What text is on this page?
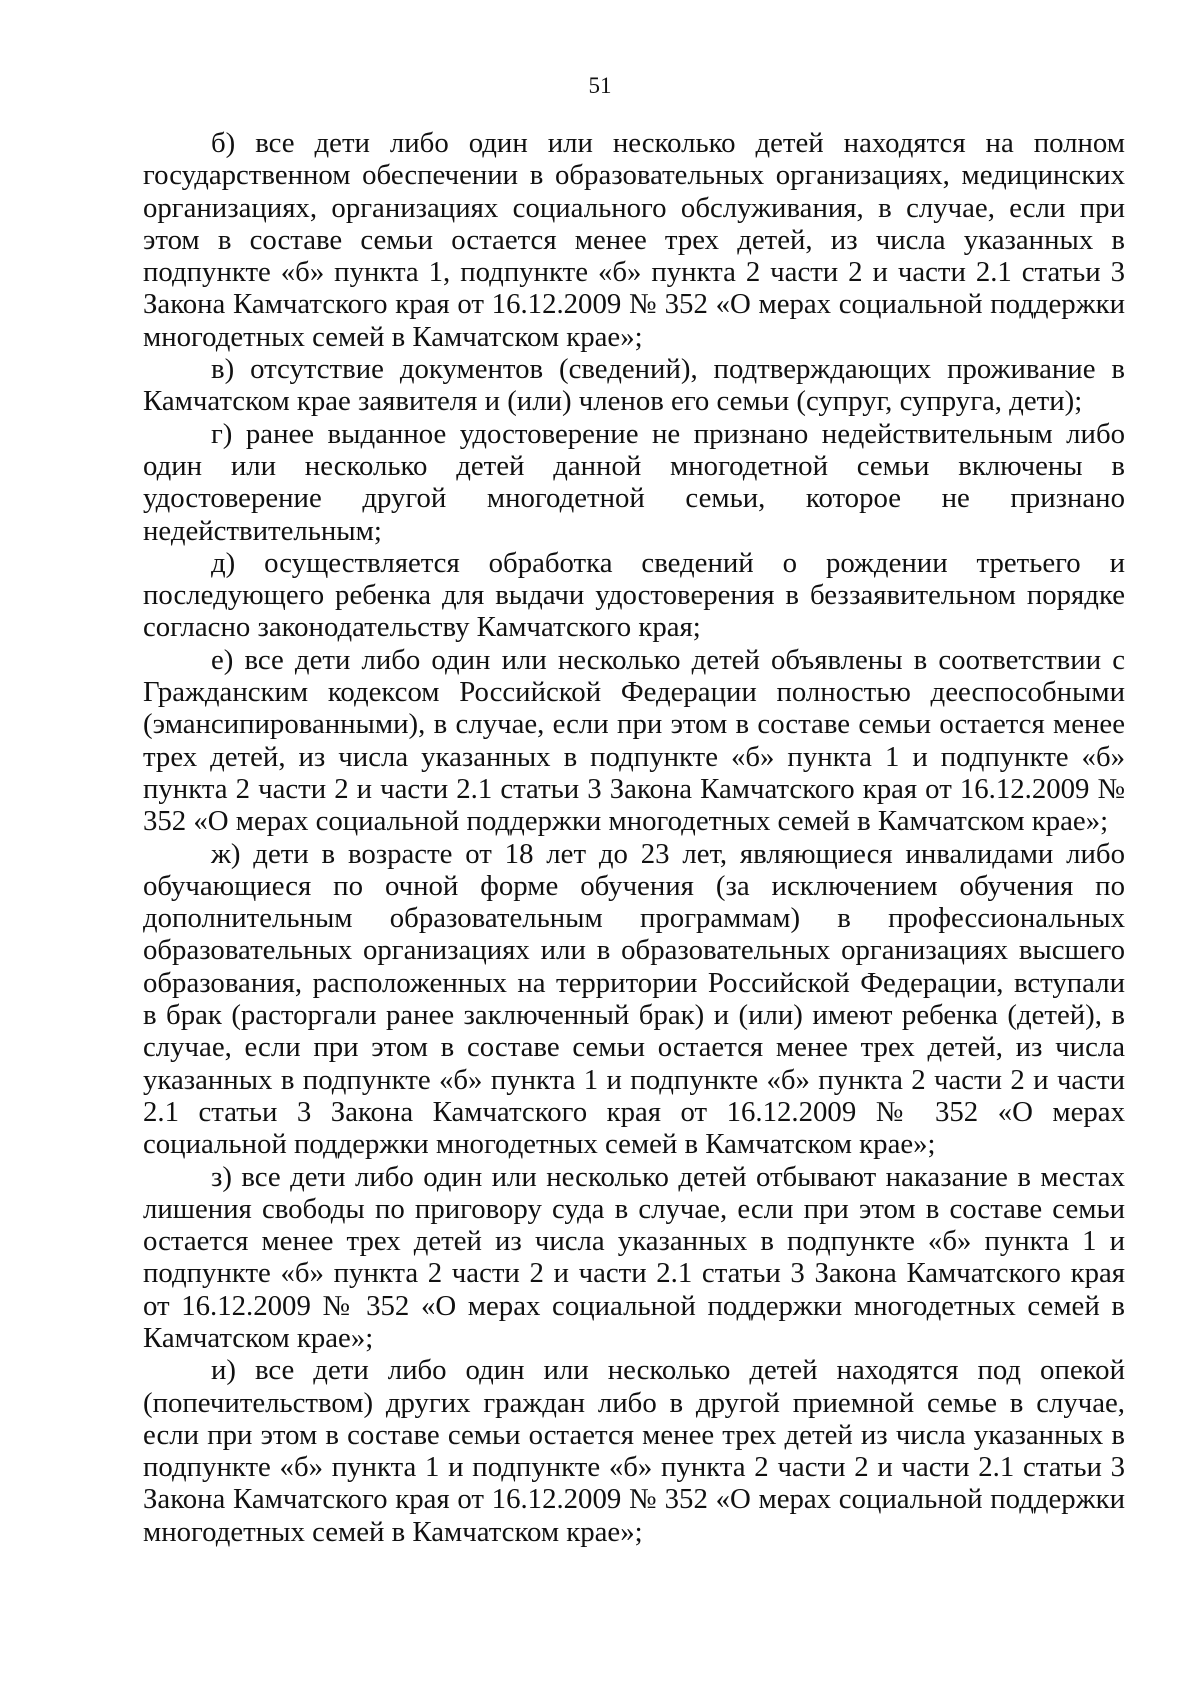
51

б) все дети либо один или несколько детей находятся на полном государственном обеспечении в образовательных организациях, медицинских организациях, организациях социального обслуживания, в случае, если при этом в составе семьи остается менее трех детей, из числа указанных в подпункте «б» пункта 1, подпункте «б» пункта 2 части 2 и части 2.1 статьи 3 Закона Камчатского края от 16.12.2009 № 352 «О мерах социальной поддержки многодетных семей в Камчатском крае»;

в) отсутствие документов (сведений), подтверждающих проживание в Камчатском крае заявителя и (или) членов его семьи (супруг, супруга, дети);

г) ранее выданное удостоверение не признано недействительным либо один или несколько детей данной многодетной семьи включены в удостоверение другой многодетной семьи, которое не признано недействительным;

д) осуществляется обработка сведений о рождении третьего и последующего ребенка для выдачи удостоверения в беззаявительном порядке согласно законодательству Камчатского края;

е) все дети либо один или несколько детей объявлены в соответствии с Гражданским кодексом Российской Федерации полностью дееспособными (эмансипированными), в случае, если при этом в составе семьи остается менее трех детей, из числа указанных в подпункте «б» пункта 1 и подпункте «б» пункта 2 части 2 и части 2.1 статьи 3 Закона Камчатского края от 16.12.2009 № 352 «О мерах социальной поддержки многодетных семей в Камчатском крае»;

ж) дети в возрасте от 18 лет до 23 лет, являющиеся инвалидами либо обучающиеся по очной форме обучения (за исключением обучения по дополнительным образовательным программам) в профессиональных образовательных организациях или в образовательных организациях высшего образования, расположенных на территории Российской Федерации, вступали в брак (расторгали ранее заключенный брак) и (или) имеют ребенка (детей), в случае, если при этом в составе семьи остается менее трех детей, из числа указанных в подпункте «б» пункта 1 и подпункте «б» пункта 2 части 2 и части 2.1 статьи 3 Закона Камчатского края от 16.12.2009 № 352 «О мерах социальной поддержки многодетных семей в Камчатском крае»;

з) все дети либо один или несколько детей отбывают наказание в местах лишения свободы по приговору суда в случае, если при этом в составе семьи остается менее трех детей из числа указанных в подпункте «б» пункта 1 и подпункте «б» пункта 2 части 2 и части 2.1 статьи 3 Закона Камчатского края от 16.12.2009 № 352 «О мерах социальной поддержки многодетных семей в Камчатском крае»;

и) все дети либо один или несколько детей находятся под опекой (попечительством) других граждан либо в другой приемной семье в случае, если при этом в составе семьи остается менее трех детей из числа указанных в подпункте «б» пункта 1 и подпункте «б» пункта 2 части 2 и части 2.1 статьи 3 Закона Камчатского края от 16.12.2009 № 352 «О мерах социальной поддержки многодетных семей в Камчатском крае»;
